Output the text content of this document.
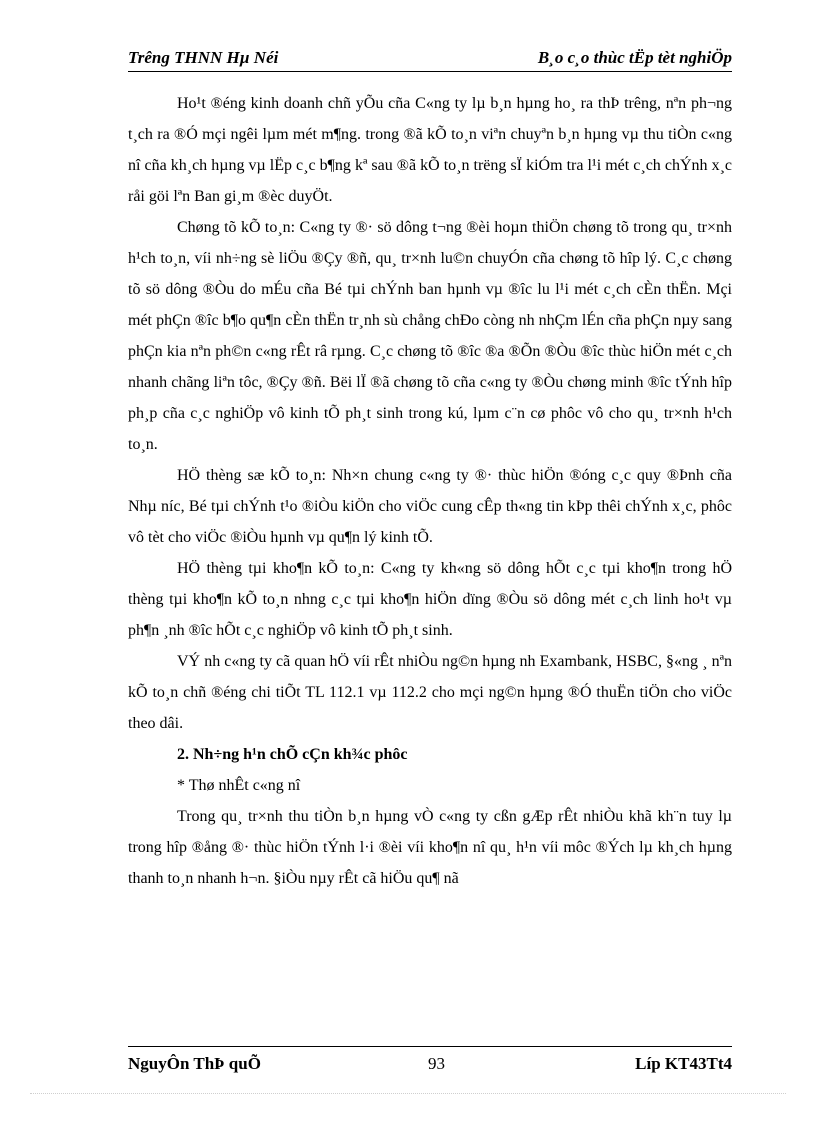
Trêng THNN Hµ Néi	B¸o c¸o thùc tËp tèt nghiÖp

Ho¹t ®éng kinh doanh chñ yÕu cña C«ng ty lµ b¸n hµng ho¸ ra thÞ trêng, nªn ph¬ng t¸ch ra ®Ó mçi ngêi lµm mét m¶ng. trong ®ã kÕ to¸n viªn chuyªn b¸n hµng vµ thu tiÒn c«ng nî cña kh¸ch hµng vµ lËp c¸c b¶ng kª sau ®ã kÕ to¸n trëng sÏ kiÓm tra l¹i mét c¸ch chÝnh x¸c råi göi lªn Ban gi¸m ®èc duyÖt.

Chøng tõ kÕ to¸n: C«ng ty ®· sö dông t¬ng ®èi hoµn thiÖn chøng tõ trong qu¸ tr×nh h¹ch to¸n, víi nh÷ng sè liÖu ®Çy ®ñ, qu¸ tr×nh lu©n chuyÓn cña chøng tõ hîp lý. C¸c chøng tõ sö dông ®Òu do mÉu cña Bé tµi chÝnh ban hµnh vµ ®îc lu l¹i mét c¸ch cÈn thËn. Mçi mét phÇn ®îc b¶o qu¶n cÈn thËn tr¸nh sù chång chÐo còng nh nhÇm lÉn cña phÇn nµy sang phÇn kia nªn ph©n c«ng rÊt râ rµng. C¸c chøng tõ ®îc ®a ®Õn ®Òu ®îc thùc hiÖn mét c¸ch nhanh chãng liªn tôc, ®Çy ®ñ. Bëi lÏ ®ã chøng tõ cña c«ng ty ®Òu chøng minh ®îc tÝnh hîp ph¸p cña c¸c nghiÖp vô kinh tÕ ph¸t sinh trong kú, lµm c¨n cø phôc vô cho qu¸ tr×nh h¹ch to¸n.

HÖ thèng sæ kÕ to¸n: Nh×n chung c«ng ty ®· thùc hiÖn ®óng c¸c quy ®Þnh cña Nhµ níc, Bé tµi chÝnh t¹o ®iÒu kiÖn cho viÖc cung cÊp th«ng tin kÞp thêi chÝnh x¸c, phôc vô tèt cho viÖc ®iÒu hµnh vµ qu¶n lý kinh tÕ.

HÖ thèng tµi kho¶n kÕ to¸n: C«ng ty kh«ng sö dông hÕt c¸c tµi kho¶n trong hÖ thèng tµi kho¶n kÕ to¸n nhng c¸c tµi kho¶n hiÖn dïng ®Òu sö dông mét c¸ch linh ho¹t vµ ph¶n ¸nh ®îc hÕt c¸c nghiÖp vô kinh tÕ ph¸t sinh.

VÝ nh c«ng ty cã quan hÖ víi rÊt nhiÒu ng©n hµng nh Exambank, HSBC, §«ng ¸ nªn kÕ to¸n chñ ®éng chi tiÕt TL 112.1 vµ 112.2 cho mçi ng©n hµng ®Ó thuËn tiÖn cho viÖc theo dâi.

2. Nh÷ng h¹n chÕ cÇn kh¾c phôc

* Thø nhÊt c«ng nî

Trong qu¸ tr×nh thu tiÒn b¸n hµng vÒ c«ng ty cßn gÆp rÊt nhiÒu khã kh¨n tuy lµ trong hîp ®ång ®· thùc hiÖn tÝnh l·i ®èi víi kho¶n nî qu¸ h¹n víi môc ®Ých lµ kh¸ch hµng thanh to¸n nhanh h¬n. §iÒu nµy rÊt cã hiÖu qu¶ nã

NguyÔn ThÞ quÕ	93	Líp KT43Tt4
